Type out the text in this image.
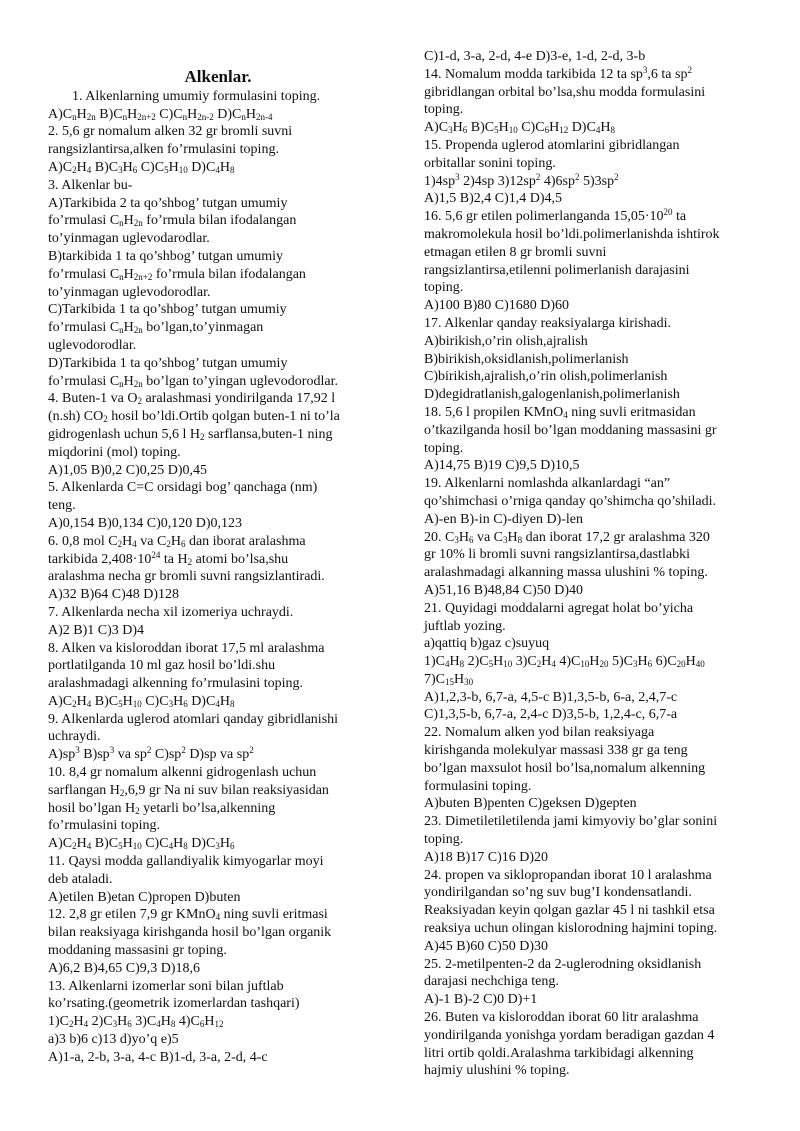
Alkenlar.
1. Alkenlarning umumiy formulasini toping.
$A)C_nH_{2n}$ $B)C_nH_{2n+2}$ $C)C_nH_{2n-2}$ $D)C_nH_{2n-4}$
2. 5,6 gr nomalum alken 32 gr bromli suvni
rangsizlantirsa,alken fo’rmulasini toping.
$A)C_2H_4$ $B)C_3H_6$ $C)C_5H_{10}$ $D)C_4H_8$
3. Alkenlar bu-
A)Tarkibida 2 ta qo’shbog’ tutgan umumiy
fo’rmulasi $C_nH_{2n}$ fo’rmula bilan ifodalangan
to’yinmagan uglevodarodlar.
B)tarkibida 1 ta qo’shbog’ tutgan umumiy
fo’rmulasi $C_nH_{2n+2}$ fo’rmula bilan ifodalangan
to’yinmagan uglevodorodlar.
C)Tarkibida 1 ta qo’shbog’ tutgan umumiy
fo’rmulasi $C_nH_{2n}$ bo’lgan,to’yinmagan
uglevodorodlar.
D)Tarkibida 1 ta qo’shbog’ tutgan umumiy
fo’rmulasi $C_nH_{2n}$ bo’lgan to’yingan uglevodorodlar.
4. Buten-1 va $O_2$ aralashmasi yondirilganda 17,92 l
(n.sh) $CO_2$ hosil bo’ldi.Ortib qolgan buten-1 ni to’la
gidrogenlash uchun 5,6 l $H_2$ sarflansa,buten-1 ning
miqdorini (mol) toping.
A)1,05 B)0,2 C)0,25 D)0,45
5. Alkenlarda C=C orsidagi bog’ qanchaga (nm)
teng.
A)0,154 B)0,134 C)0,120 D)0,123
6. 0,8 mol $C_2H_4$ va $C_2H_6$ dan iborat aralashma
tarkibida $2,408\cdot 10^{24}$ ta $H_2$ atomi bo’lsa,shu
aralashma necha gr bromli suvni rangsizlantiradi.
A)32 B)64 C)48 D)128
7. Alkenlarda necha xil izomeriya uchraydi.
A)2 B)1 C)3 D)4
8. Alken va kisloroddan iborat 17,5 ml aralashma
portlatilganda 10 ml gaz hosil bo’ldi.shu
aralashmadagi alkenning fo’rmulasini toping.
$A)C_2H_4$ $B)C_5H_{10}$ $C)C_3H_6$ $D)C_4H_8$
9. Alkenlarda uglerod atomlari qanday gibridlanishi
uchraydi.
$A)sp^3$ $B)sp^3$ va $sp^2$ $C)sp^2$ D)sp va $sp^2$
10. 8,4 gr nomalum alkenni gidrogenlash uchun
sarflangan $H_2,6,9$ gr Na ni suv bilan reaksiyasidan
hosil bo’lgan $H_2$ yetarli bo’lsa,alkenning
fo’rmulasini toping.
$A)C_2H_4$ $B)C_5H_{10}$ $C)C_4H_8$ $D)C_3H_6$
11. Qaysi modda gallandiyalik kimyogarlar moyi
deb ataladi.
A)etilen B)etan C)propen D)buten
12. 2,8 gr etilen 7,9 gr KMnO$_4$ ning suvli eritmasi
bilan reaksiyaga kirishganda hosil bo’lgan organik
moddaning massasini gr toping.
A)6,2 B)4,65 C)9,3 D)18,6
13. Alkenlarni izomerlar soni bilan juftlab
ko’rsating.(geometrik izomerlardan tashqari)
$1)C_2H_4$ $2)C_3H_6$ $3)C_4H_8$ $4)C_6H_{12}$
a)3 b)6 c)13 d)yo’q e)5
A)1-a, 2-b, 3-a, 4-c B)1-d, 3-a, 2-d, 4-c
C)1-d, 3-a, 2-d, 4-e D)3-e, 1-d, 2-d, 3-b
14. Nomalum modda tarkibida 12 ta $sp^3,6$ ta $sp^2$
gibridlangan orbital bo’lsa,shu modda formulasini
toping.
$A)C_3H_6$ $B)C_5H_{10}$ $C)C_6H_{12}$ $D)C_4H_8$
15. Propenda uglerod atomlarini gibridlangan
orbitallar sonini toping.
$1)4sp^3$ 2)4sp $3)12sp^2$ $4)6sp^2$ $5)3sp^2$
A)1,5 B)2,4 C)1,4 D)4,5
16. 5,6 gr etilen polimerlanganda $15,05\cdot 10^{20}$ ta
makromolekula hosil bo’ldi.polimerlanishda ishtirok
etmagan etilen 8 gr bromli suvni
rangsizlantirsa,etilenni polimerlanish darajasini
toping.
A)100 B)80 C)1680 D)60
17. Alkenlar qanday reaksiyalarga kirishadi.
A)birikish,o’rin olish,ajralish
B)birikish,oksidlanish,polimerlanish
C)birikish,ajralish,o’rin olish,polimerlanish
D)degidratlanish,galogenlanish,polimerlanish
18. 5,6 l propilen KMnO$_4$ ning suvli eritmasidan
o’tkazilganda hosil bo’lgan moddaning massasini gr
toping.
A)14,75 B)19 C)9,5 D)10,5
19. Alkenlarni nomlashda alkanlardagi “an”
qo’shimchasi o’rniga qanday qo’shimcha qo’shiladi.
A)-en B)-in C)-diyen D)-len
20. $C_3H_6$ va $C_3H_8$ dan iborat 17,2 gr aralashma 320
gr 10% li bromli suvni rangsizlantirsa,dastlabki
aralashmadagi alkanning massa ulushini % toping.
A)51,16 B)48,84 C)50 D)40
21. Quyidagi moddalarni agregat holat bo’yicha
juftlab yozing.
a)qattiq b)gaz c)suyuq
$1)C_4H_8$ $2)C_5H_{10}$ $3)C_2H_4$ $4)C_{10}H_{20}$ $5)C_3H_6$ $6)C_{20}H_{40}$
$7)C_{15}H_{30}$
A)1,2,3-b, 6,7-a, 4,5-c B)1,3,5-b, 6-a, 2,4,7-c
C)1,3,5-b, 6,7-a, 2,4-c D)3,5-b, 1,2,4-c, 6,7-a
22. Nomalum alken yod bilan reaksiyaga
kirishganda molekulyar massasi 338 gr ga teng
bo’lgan maxsulot hosil bo’lsa,nomalum alkenning
formulasini toping.
A)buten B)penten C)geksen D)gepten
23. Dimetiletiletilenda jami kimyoviy bo’glar sonini
toping.
A)18 B)17 C)16 D)20
24. propen va siklopropandan iborat 10 l aralashma
yondirilgandan so’ng suv bug’I kondensatlandi.
Reaksiyadan keyin qolgan gazlar 45 l ni tashkil etsa
reaksiya uchun olingan kislorodning hajmini toping.
A)45 B)60 C)50 D)30
25. 2-metilpenten-2 da 2-uglerodning oksidlanish
darajasi nechchiga teng.
A)-1 B)-2 C)0 D)+1
26. Buten va kisloroddan iborat 60 litr aralashma
yondirilganda yonishga yordam beradigan gazdan 4
litri ortib qoldi.Aralashma tarkibidagi alkenning
hajmiy ulushini % toping.
